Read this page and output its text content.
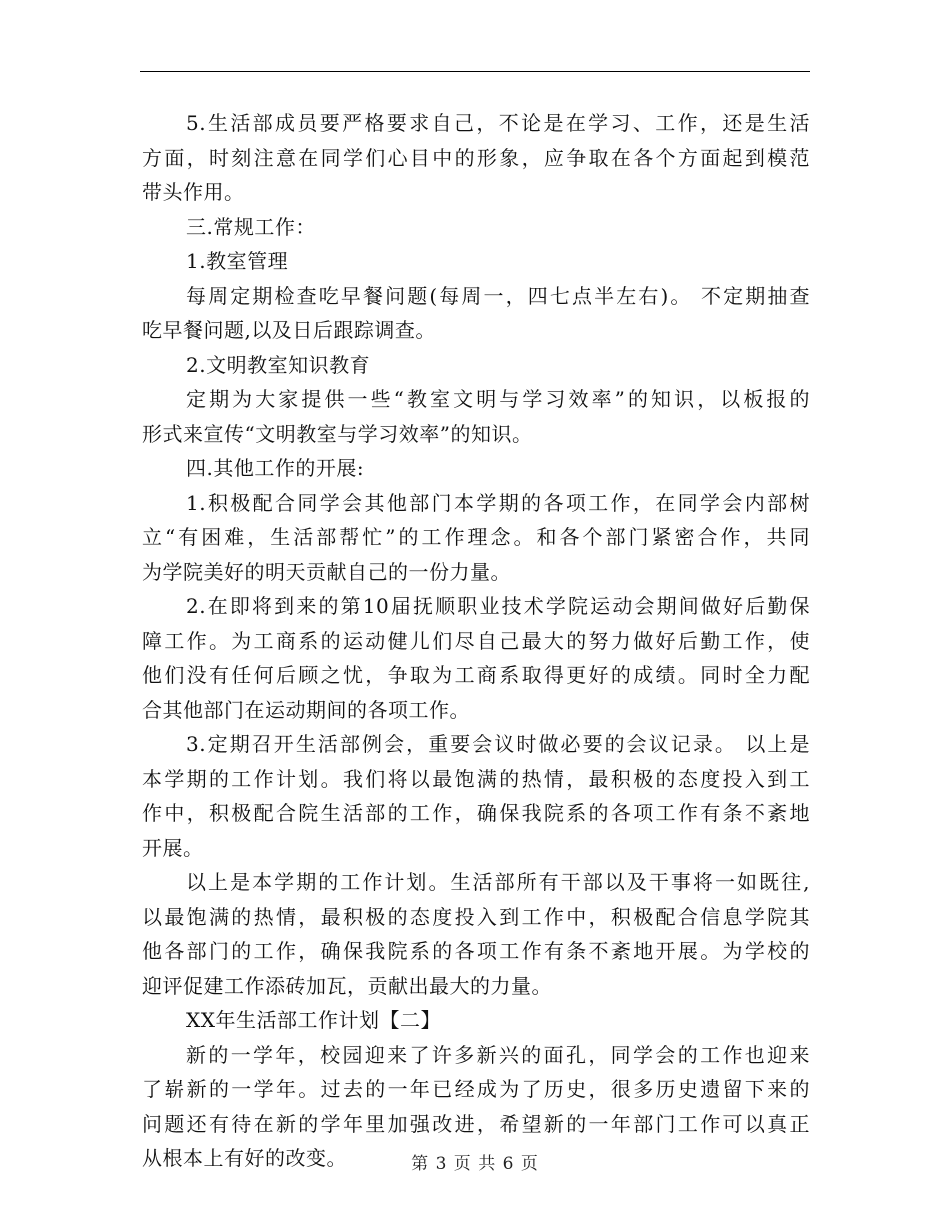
5.生活部成员要严格要求自己，不论是在学习、工作，还是生活
方面，时刻注意在同学们心目中的形象，应争取在各个方面起到模范
带头作用。
三.常规工作：
1.教室管理
每周定期检查吃早餐问题(每周一，四七点半左右)。 不定期抽查
吃早餐问题,以及日后跟踪调查。
2.文明教室知识教育
定期为大家提供一些“教室文明与学习效率”的知识，以板报的
形式来宣传“文明教室与学习效率”的知识。
四.其他工作的开展:
1.积极配合同学会其他部门本学期的各项工作，在同学会内部树
立“有困难，生活部帮忙”的工作理念。和各个部门紧密合作，共同
为学院美好的明天贡献自己的一份力量。
2.在即将到来的第10届抚顺职业技术学院运动会期间做好后勤保
障工作。为工商系的运动健儿们尽自己最大的努力做好后勤工作，使
他们没有任何后顾之忧，争取为工商系取得更好的成绩。同时全力配
合其他部门在运动期间的各项工作。
3.定期召开生活部例会，重要会议时做必要的会议记录。 以上是
本学期的工作计划。我们将以最饱满的热情，最积极的态度投入到工
作中，积极配合院生活部的工作，确保我院系的各项工作有条不紊地
开展。
以上是本学期的工作计划。生活部所有干部以及干事将一如既往,
以最饱满的热情，最积极的态度投入到工作中，积极配合信息学院其
他各部门的工作，确保我院系的各项工作有条不紊地开展。为学校的
迎评促建工作添砖加瓦，贡献出最大的力量。
XX年生活部工作计划【二】
新的一学年，校园迎来了许多新兴的面孔，同学会的工作也迎来
了崭新的一学年。过去的一年已经成为了历史，很多历史遗留下来的
问题还有待在新的学年里加强改进，希望新的一年部门工作可以真正
从根本上有好的改变。	第 3 页 共 6 页
